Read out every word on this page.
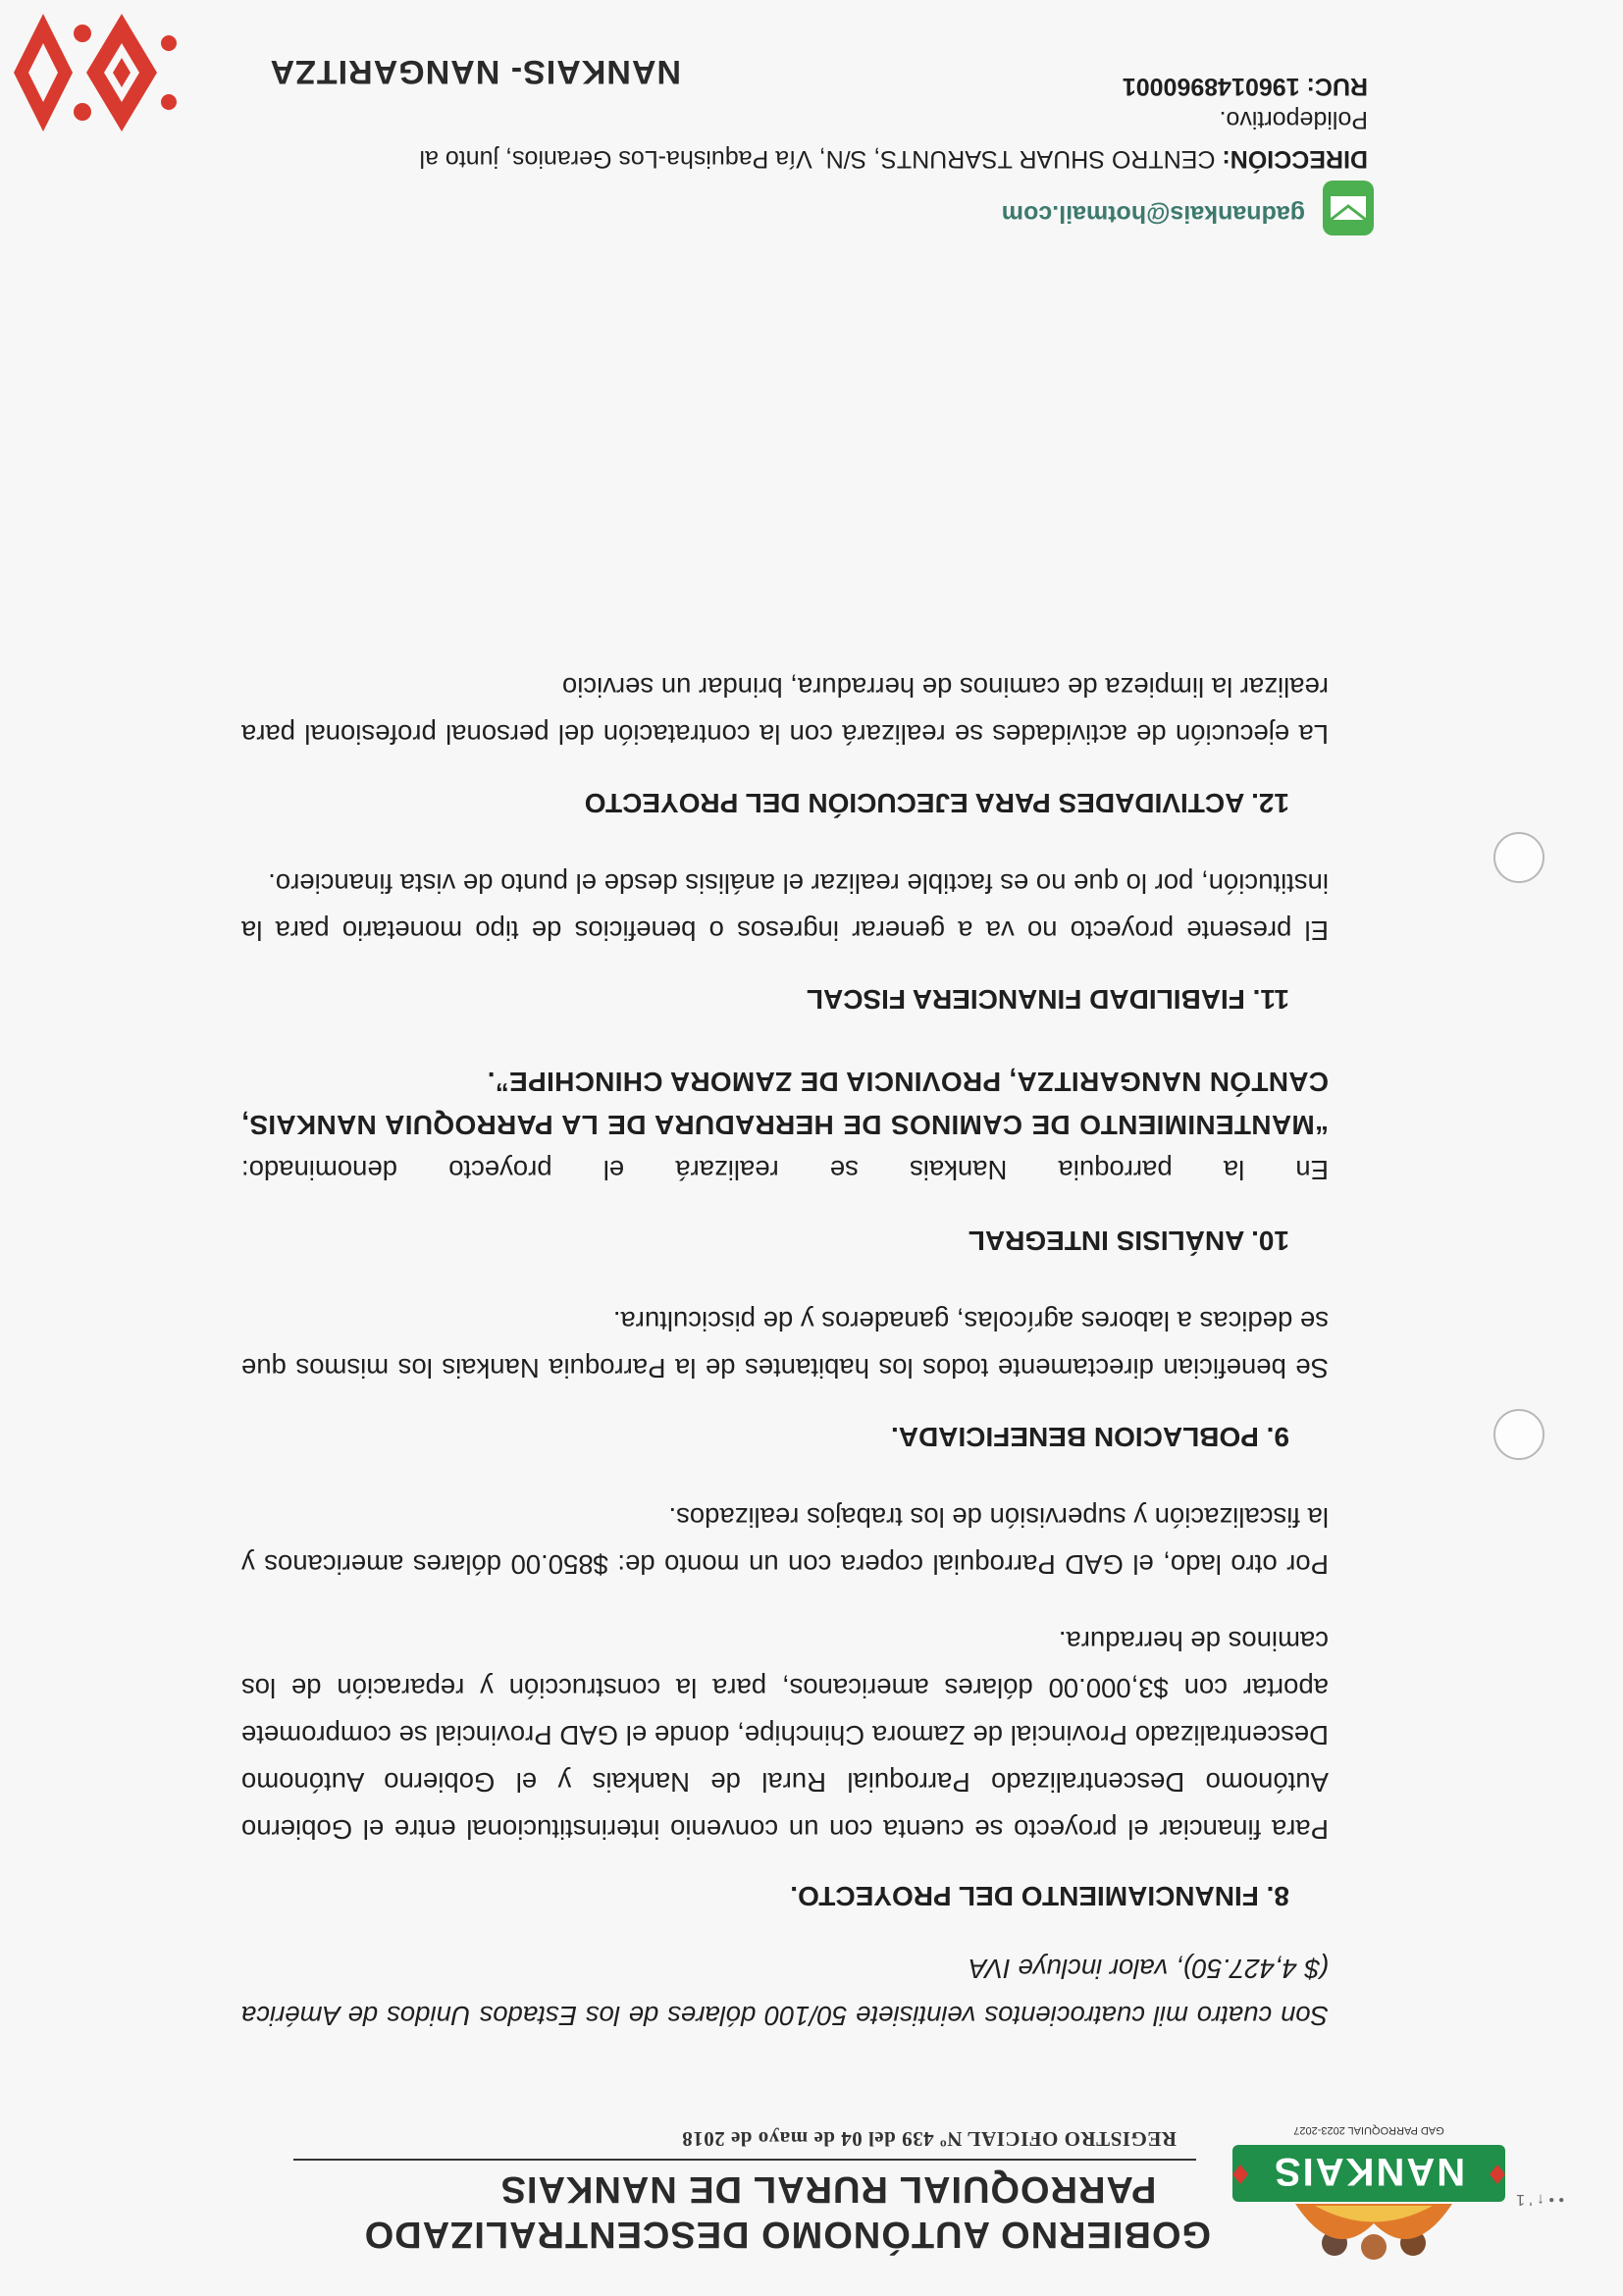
NANKAIS
GAD PARROQUIAL 2023-2027
• • ↑ ' 1
GOBIERNO AUTÓNOMO DESCENTRALIZADO
PARROQUIAL RURAL DE NANKAIS
REGISTRO OFICIAL Nº 439 del 04 de mayo de 2018

Son cuatro mil cuatrocientos veintisiete 50/100 dólares de los Estados Unidos de América ($ 4,427.50), valor incluye IVA

8. FINANCIAMIENTO DEL PROYECTO.

Para financiar el proyecto se cuenta con un convenio interinstitucional entre el Gobierno Autónomo Descentralizado Parroquial Rural de Nankais y el Gobierno Autónomo Descentralizado Provincial de Zamora Chinchipe, donde el GAD Provincial se compromete aportar con $3,000.00 dólares americanos, para la construcción y reparación de los caminos de herradura.

Por otro lado, el GAD Parroquial copera con un monto de: $850.00 dólares americanos y la fiscalización y supervisión de los trabajos realizados.

9. POBLACION BENEFICIADA.

Se benefician directamente todos los habitantes de la Parroquia Nankais los mismos que se dedicas a labores agrícolas, ganaderos y de piscicultura.

10. ANÁLISIS INTEGRAL

En la parroquia Nankais se realizará el proyecto denominado:

“MANTENIMIENTO DE CAMINOS DE HERRADURA DE LA PARROQUIA NANKAIS, CANTÓN NANGARITZA, PROVINCIA DE ZAMORA CHINCHIPE”.

11. FIABILIDAD FINANCIERA FISCAL

El presente proyecto no va a generar ingresos o beneficios de tipo monetario para la institución, por lo que no es factible realizar el análisis desde el punto de vista financiero.

12. ACTIVIDADES PARA EJECUCIÓN DEL PROYECTO

La ejecución de actividades se realizará con la contratación del personal profesional para realizar la limpieza de caminos de herradura, brindar un servicio

gadnankais@hotmail.com
DIRECCIÓN: CENTRO SHUAR TSARUNTS, S/N, Vía Paquisha-Los Geranios, junto al Polideportivo.
RUC: 1960148960001
NANKAIS- NANGARITZA
